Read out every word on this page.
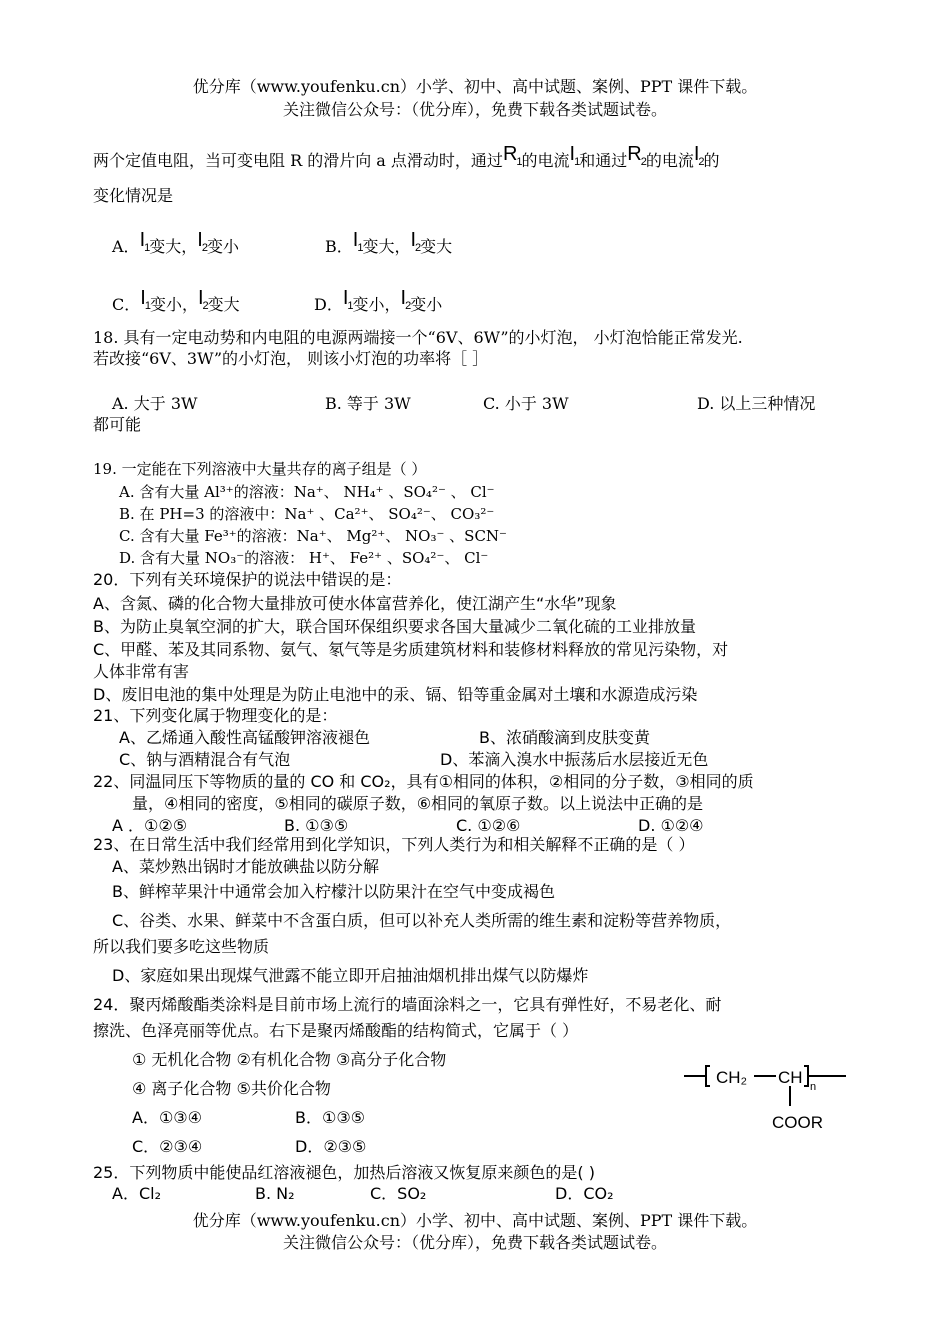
优分库（www.youfenku.cn）小学、初中、高中试题、案例、PPT 课件下载。
关注微信公众号：（优分库），免费下载各类试题试卷。
两个定值电阻，当可变电阻 R 的滑片向 a 点滑动时，通过$R_1$的电流$I_1$和通过$R_2$的电流$I_2$的
变化情况是
A．$I_1$变大，$I_2$变小	B．$I_1$变大，$I_2$变大
C．$I_1$变小，$I_2$变大	D．$I_1$变小，$I_2$变小
18. 具有一定电动势和内电阻的电源两端接一个“6V、6W”的小灯泡， 小灯泡恰能正常发光.
若改接“6V、3W”的小灯泡， 则该小灯泡的功率将［ ］
A. 大于 3W	B. 等于 3W	C. 小于 3W	D. 以上三种情况
都可能
19. 一定能在下列溶液中大量共存的离子组是（ ）
A. 含有大量 Al³⁺的溶液：Na⁺、 NH₄⁺ 、SO₄²⁻ 、 Cl⁻
B. 在 PH=3 的溶液中：Na⁺ 、Ca²⁺、 SO₄²⁻、 CO₃²⁻
C. 含有大量 Fe³⁺的溶液：Na⁺、 Mg²⁺、 NO₃⁻ 、SCN⁻
D. 含有大量 NO₃⁻的溶液： H⁺、 Fe²⁺ 、SO₄²⁻、 Cl⁻
20．下列有关环境保护的说法中错误的是：
A、含氮、磷的化合物大量排放可使水体富营养化，使江湖产生“水华”现象
B、为防止臭氧空洞的扩大，联合国环保组织要求各国大量减少二氧化硫的工业排放量
C、甲醛、苯及其同系物、氨气、氡气等是劣质建筑材料和装修材料释放的常见污染物，对
人体非常有害
D、废旧电池的集中处理是为防止电池中的汞、镉、铅等重金属对土壤和水源造成污染
21、下列变化属于物理变化的是：
A、乙烯通入酸性高锰酸钾溶液褪色	B、浓硝酸滴到皮肤变黄
C、钠与酒精混合有气泡	D、苯滴入溴水中振荡后水层接近无色
22、同温同压下等物质的量的 CO 和 CO₂，具有①相同的体积，②相同的分子数，③相同的质
量，④相同的密度，⑤相同的碳原子数，⑥相同的氧原子数。以上说法中正确的是
A ．①②⑤	B. ①③⑤	C. ①②⑥	D. ①②④
23、在日常生活中我们经常用到化学知识，下列人类行为和相关解释不正确的是（ ）
A、菜炒熟出锅时才能放碘盐以防分解
B、鲜榨苹果汁中通常会加入柠檬汁以防果汁在空气中变成褐色
C、谷类、水果、鲜菜中不含蛋白质，但可以补充人类所需的维生素和淀粉等营养物质，
所以我们要多吃这些物质
D、家庭如果出现煤气泄露不能立即开启抽油烟机排出煤气以防爆炸
24．聚丙烯酸酯类涂料是目前市场上流行的墙面涂料之一，它具有弹性好，不易老化、耐
擦洗、色泽亮丽等优点。右下是聚丙烯酸酯的结构简式，它属于（ ）
① 无机化合物 ②有机化合物 ③高分子化合物
④ 离子化合物 ⑤共价化合物
A．①③④	B．①③⑤
C．②③④	D．②③⑤
CH₂ CH n
COOR
25．下列物质中能使品红溶液褪色，加热后溶液又恢复原来颜色的是( )
A．Cl₂	B. N₂	C．SO₂	D．CO₂
优分库（www.youfenku.cn）小学、初中、高中试题、案例、PPT 课件下载。
关注微信公众号：（优分库），免费下载各类试题试卷。
